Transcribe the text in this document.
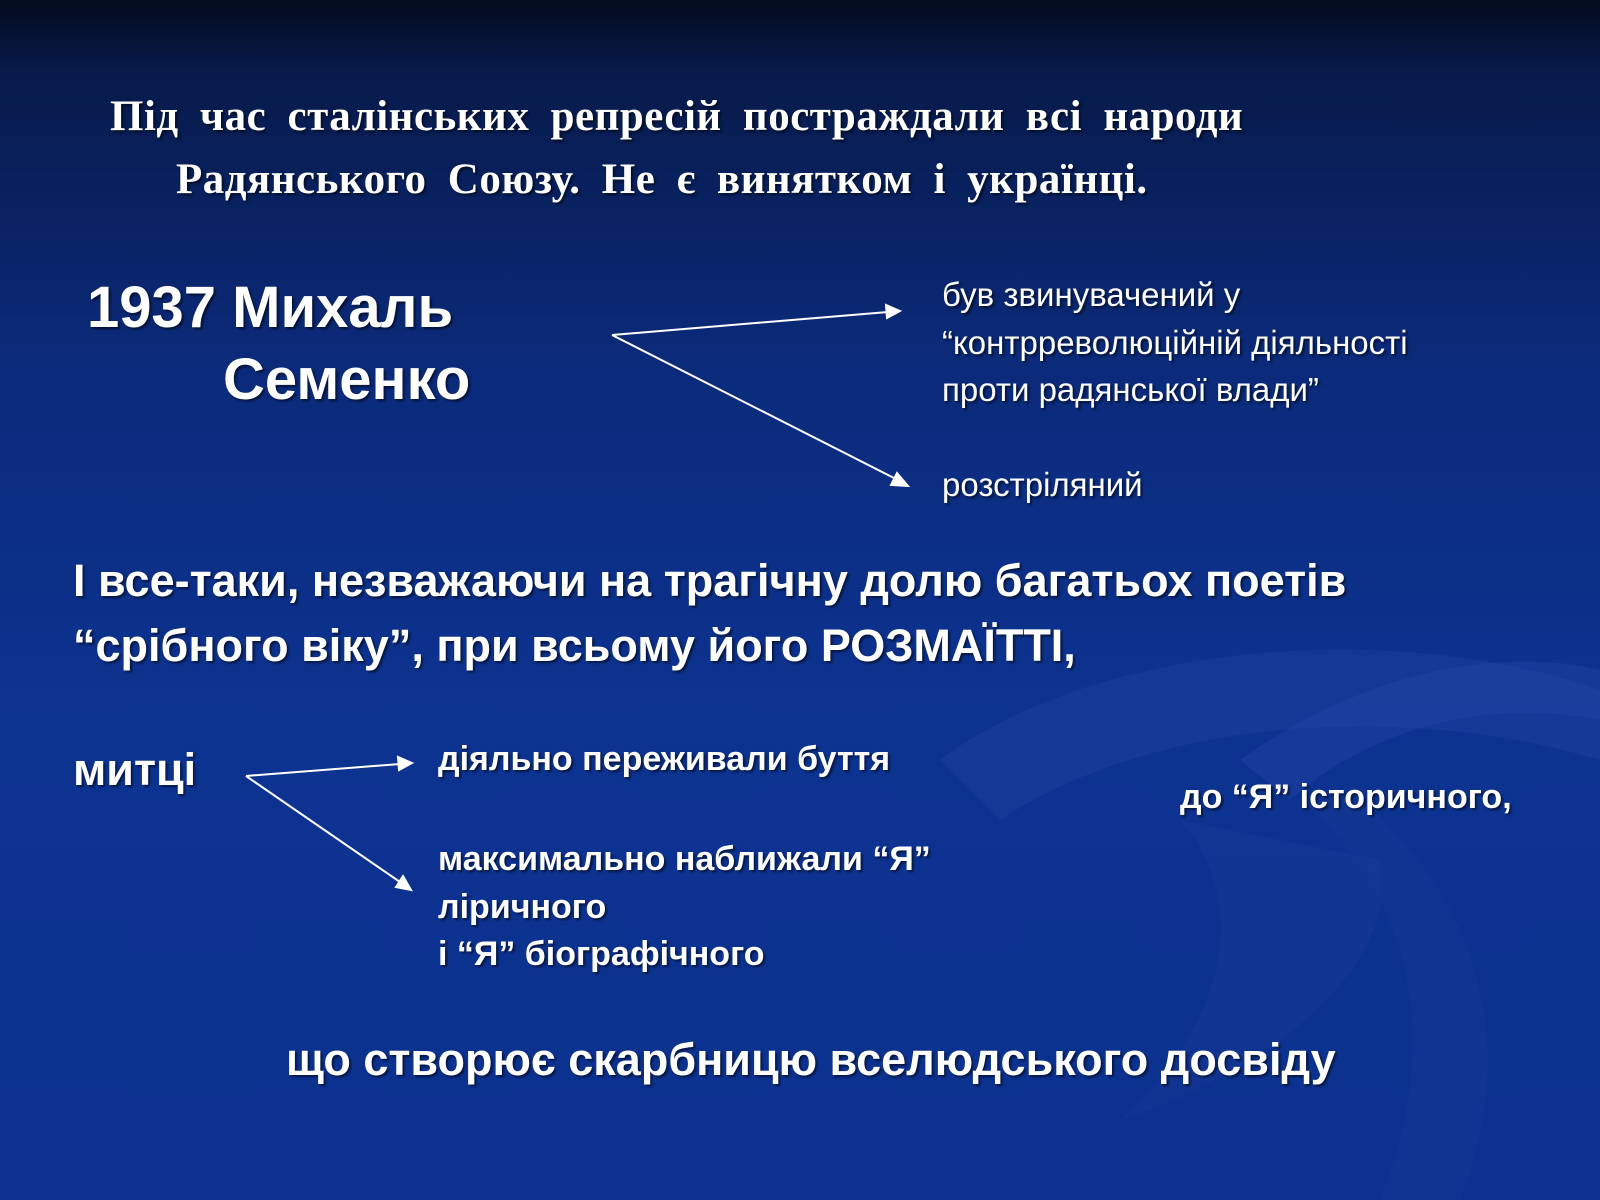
Під час сталінських репресій постраждали всі народи

Радянського Союзу. Не є винятком і українці.

1937 Михаль

Семенко

був звинувачений у

“контрреволюційній діяльності

проти радянської влади”

розстріляний

І все-таки, незважаючи на трагічну долю багатьох поетів

“срібного віку”, при всьому його РОЗМАЇТТІ,

митці	діяльно переживали буття

до “Я” історичного,

максимально наближали “Я”

ліричного

і “Я” біографічного

що створює скарбницю вселюдського досвіду
